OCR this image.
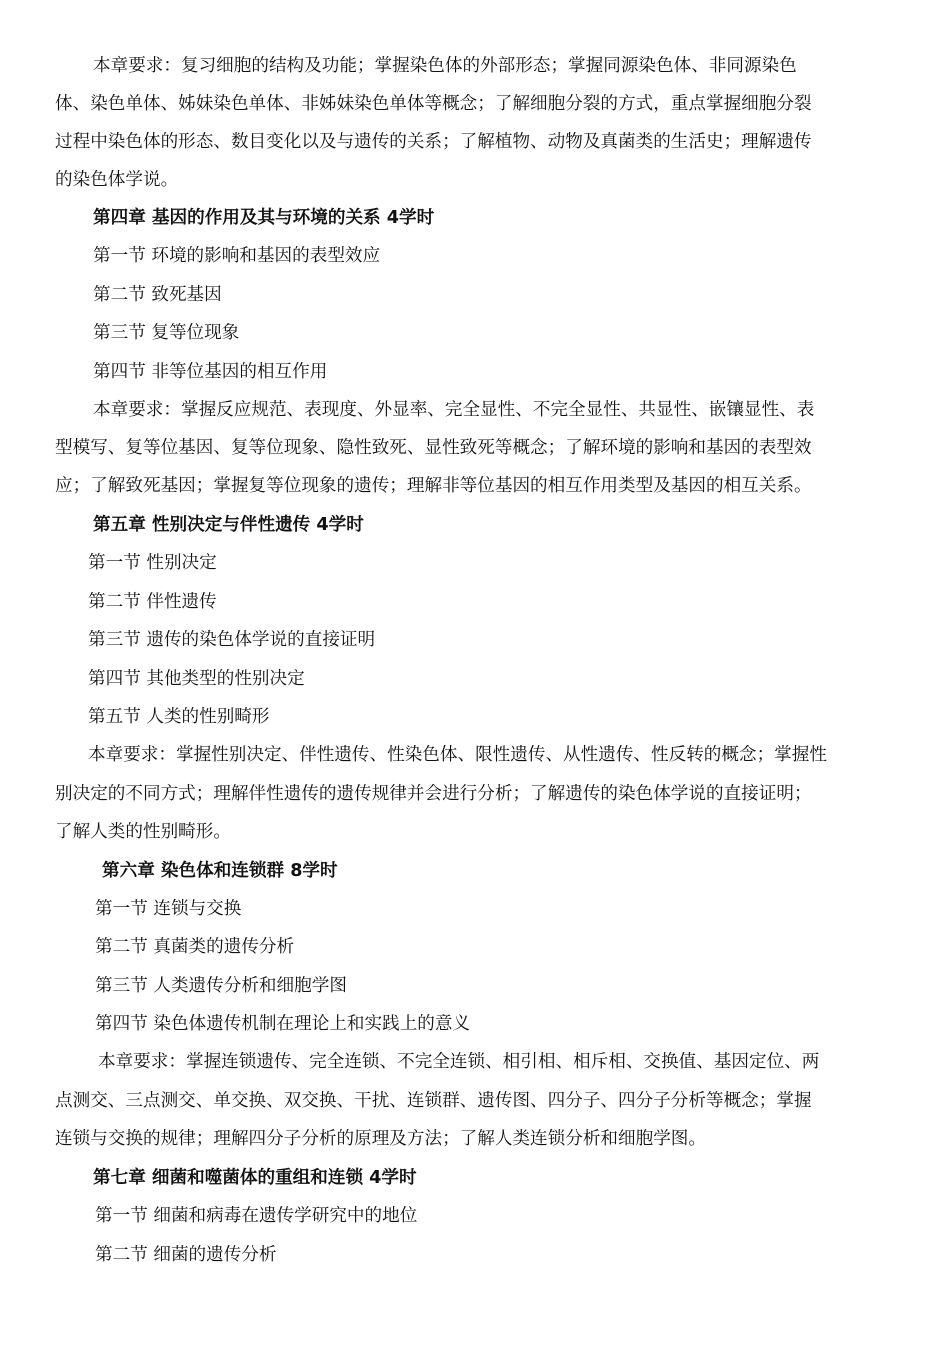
本章要求：复习细胞的结构及功能；掌握染色体的外部形态；掌握同源染色体、非同源染色
体、染色单体、姊妹染色单体、非姊妹染色单体等概念；了解细胞分裂的方式，重点掌握细胞分裂
过程中染色体的形态、数目变化以及与遗传的关系；了解植物、动物及真菌类的生活史；理解遗传
的染色体学说。
第四章 基因的作用及其与环境的关系 4学时
第一节 环境的影响和基因的表型效应
第二节 致死基因
第三节 复等位现象
第四节 非等位基因的相互作用
本章要求：掌握反应规范、表现度、外显率、完全显性、不完全显性、共显性、嵌镶显性、表
型模写、复等位基因、复等位现象、隐性致死、显性致死等概念；了解环境的影响和基因的表型效
应；了解致死基因；掌握复等位现象的遗传；理解非等位基因的相互作用类型及基因的相互关系。
第五章 性别决定与伴性遗传 4学时
第一节 性别决定
第二节 伴性遗传
第三节 遗传的染色体学说的直接证明
第四节 其他类型的性别决定
第五节 人类的性别畸形
本章要求：掌握性别决定、伴性遗传、性染色体、限性遗传、从性遗传、性反转的概念；掌握性
别决定的不同方式；理解伴性遗传的遗传规律并会进行分析；了解遗传的染色体学说的直接证明；
了解人类的性别畸形。
第六章 染色体和连锁群 8学时
第一节 连锁与交换
第二节 真菌类的遗传分析
第三节 人类遗传分析和细胞学图
第四节 染色体遗传机制在理论上和实践上的意义
本章要求：掌握连锁遗传、完全连锁、不完全连锁、相引相、相斥相、交换值、基因定位、两
点测交、三点测交、单交换、双交换、干扰、连锁群、遗传图、四分子、四分子分析等概念；掌握
连锁与交换的规律；理解四分子分析的原理及方法；了解人类连锁分析和细胞学图。
第七章 细菌和噬菌体的重组和连锁 4学时
第一节 细菌和病毒在遗传学研究中的地位
第二节 细菌的遗传分析
